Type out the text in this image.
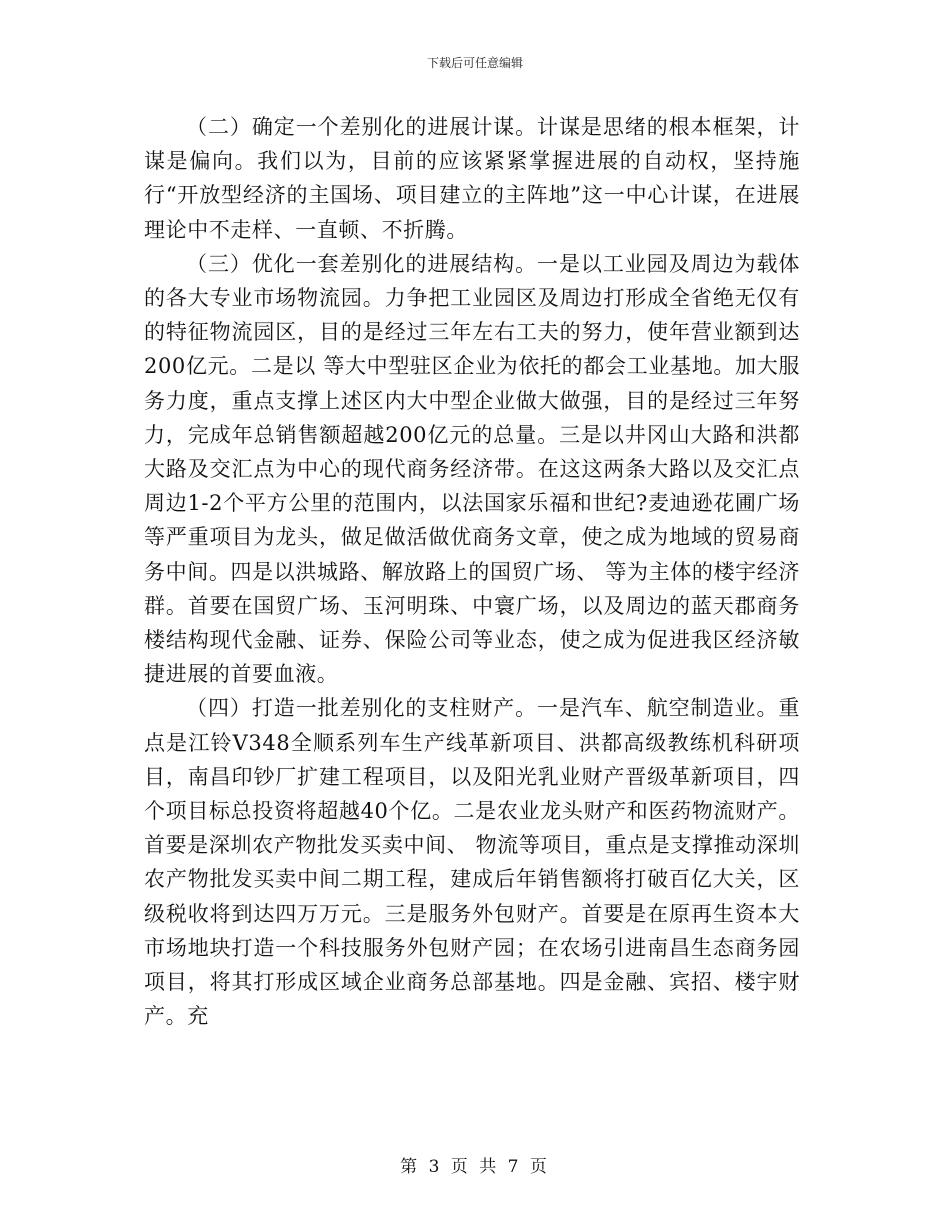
下载后可任意编辑

（二）确定一个差别化的进展计谋。计谋是思绪的根本框架，计谋是偏向。我们以为，目前的应该紧紧掌握进展的自动权，坚持施行“开放型经济的主国场、项目建立的主阵地”这一中心计谋，在进展理论中不走样、一直顿、不折腾。

（三）优化一套差别化的进展结构。一是以工业园及周边为载体的各大专业市场物流园。力争把工业园区及周边打形成全省绝无仅有的特征物流园区，目的是经过三年左右工夫的努力，使年营业额到达200亿元。二是以 等大中型驻区企业为依托的都会工业基地。加大服务力度，重点支撑上述区内大中型企业做大做强，目的是经过三年努力，完成年总销售额超越200亿元的总量。三是以井冈山大路和洪都大路及交汇点为中心的现代商务经济带。在这这两条大路以及交汇点周边1-2个平方公里的范围内，以法国家乐福和世纪?麦迪逊花圃广场等严重项目为龙头，做足做活做优商务文章，使之成为地域的贸易商务中间。四是以洪城路、解放路上的国贸广场、 等为主体的楼宇经济群。首要在国贸广场、玉河明珠、中寰广场，以及周边的蓝天郡商务楼结构现代金融、证券、保险公司等业态，使之成为促进我区经济敏捷进展的首要血液。

（四）打造一批差别化的支柱财产。一是汽车、航空制造业。重点是江铃V348全顺系列车生产线革新项目、洪都高级教练机科研项目，南昌印钞厂扩建工程项目，以及阳光乳业财产晋级革新项目，四个项目标总投资将超越40个亿。二是农业龙头财产和医药物流财产。首要是深圳农产物批发买卖中间、 物流等项目，重点是支撑推动深圳农产物批发买卖中间二期工程，建成后年销售额将打破百亿大关，区级税收将到达四万万元。三是服务外包财产。首要是在原再生资本大市场地块打造一个科技服务外包财产园；在农场引进南昌生态商务园项目，将其打形成区域企业商务总部基地。四是金融、宾招、楼宇财产。充

第 3 页 共 7 页
